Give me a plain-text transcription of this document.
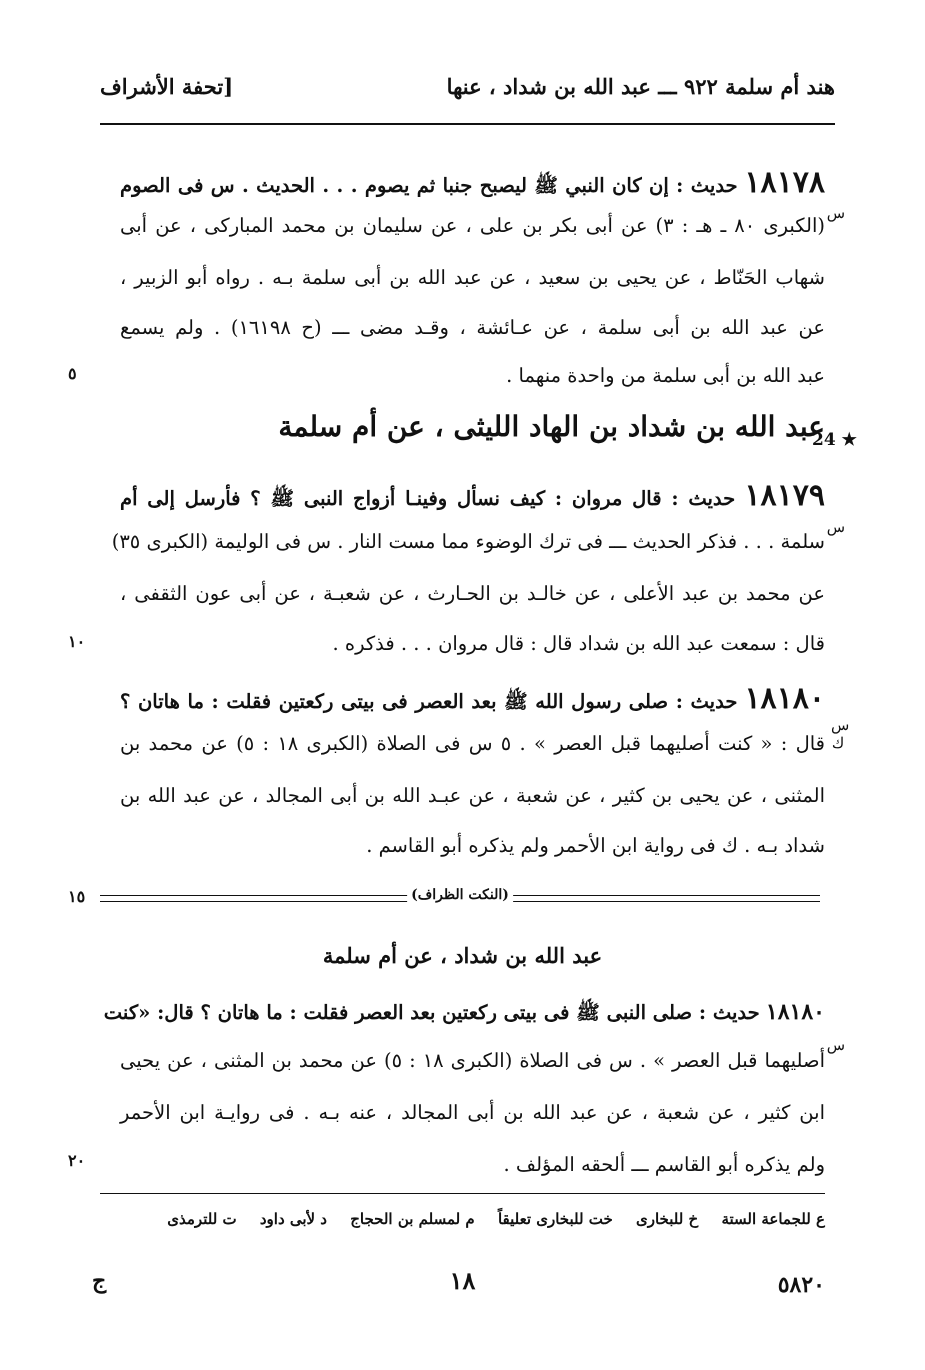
هند أم سلمة ٩٢٢ ـــ عبد الله بن شداد ، عنها
[تحفة الأشراف
١٨١٧٨ حديث : إن كان النبي ﷺ ليصبح جنبا ثم يصوم . . . الحديث . س فى الصوم
س
(الكبرى ٨٠ ـ هـ : ٣) عن أبى بكر بن على ، عن سليمان بن محمد المباركى ، عن أبى
شهاب الحَنّاط ، عن يحيى بن سعيد ، عن عبد الله بن أبى سلمة بـه . رواه أبو الزبير ،
عن عبد الله بن أبى سلمة ، عن عـائشة ، وقـد مضى ـــ (ح ١٦١٩٨) . ولم يسمع
عبد الله بن أبى سلمة من واحدة منهما .
٥
24 ★
عبد الله بن شداد بن الهاد الليثى ، عن أم سلمة
١٨١٧٩ حديث : قال مروان : كيف نسأل وفينـا أزواج النبى ﷺ ؟ فأرسل إلى أم
س
سلمة . . . فذكر الحديث ـــ فى ترك الوضوء مما مست النار . س فى الوليمة (الكبرى ٣٥)
عن محمد بن عبد الأعلى ، عن خالـد بن الحـارث ، عن شعبـة ، عن أبى عون الثقفى ،
قال : سمعت عبد الله بن شداد قال : قال مروان . . . فذكره .
١٠
١٨١٨٠ حديث : صلى رسول الله ﷺ بعد العصر فى بيتى ركعتين فقلت : ما هاتان ؟
س ك
قال : « كنت أصليهما قبل العصر » . ٥ س فى الصلاة (الكبرى ١٨ : ٥) عن محمد بن
المثنى ، عن يحيى بن كثير ، عن شعبة ، عن عبـد الله بن أبى المجالد ، عن عبد الله بن
شداد بـه . ك فى رواية ابن الأحمر ولم يذكره أبو القاسم .
(النكت الظراف)
١٥
عبد الله بن شداد ، عن أم سلمة
١٨١٨٠ حديث : صلى النبى ﷺ فى بيتى ركعتين بعد العصر فقلت : ما هاتان ؟ قال: «كنت
س
أصليهما قبل العصر » . س فى الصلاة (الكبرى ١٨ : ٥) عن محمد بن المثنى ، عن يحيى
ابن كثير ، عن شعبة ، عن عبد الله بن أبى المجالد ، عنه بـه . فى روايـة ابن الأحمر
ولم يذكره أبو القاسم ـــ ألحقه المؤلف .
٢٠
ع للجماعة الستة خ للبخارى خت للبخارى تعليقاً م لمسلم بن الحجاج د لأبى داود ت للترمذى
٥٨٢٠
١٨
ج
